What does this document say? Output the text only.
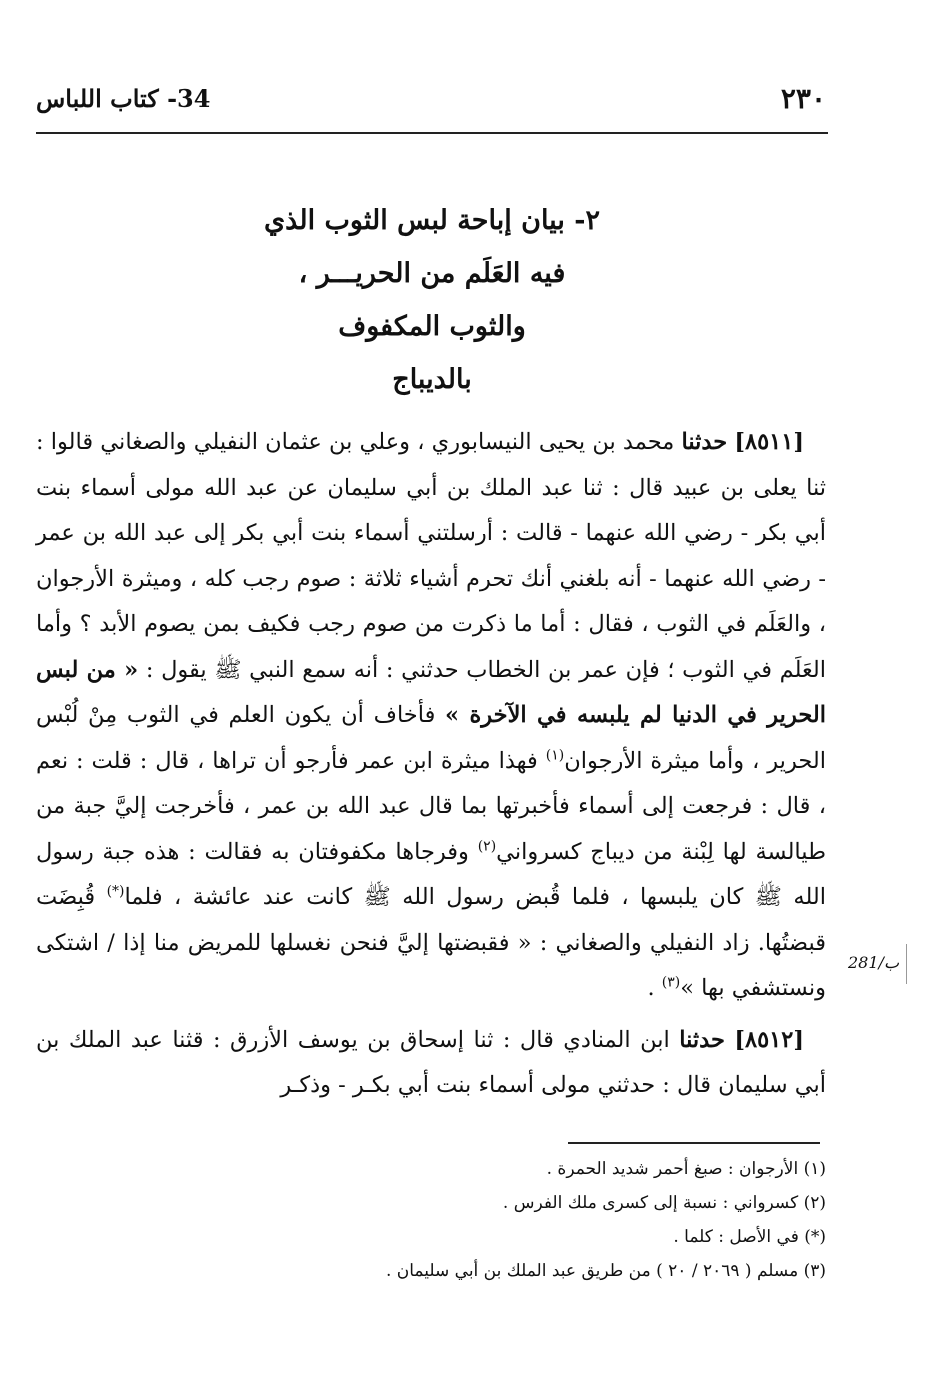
٢٣٠
34- كتاب اللباس
٢- بيان إباحة لبس الثوب الذي
فيه العَلَم من الحريـــر ،
والثوب المكفوف
بالديباج

[٨٥١١] حدثنا محمد بن يحيى النيسابوري ، وعلي بن عثمان النفيلي والصغاني قالوا : ثنا يعلى بن عبيد قال : ثنا عبد الملك بن أبي سليمان عن عبد الله مولى أسماء بنت أبي بكر - رضي الله عنهما - قالت : أرسلتني أسماء بنت أبي بكر إلى عبد الله بن عمر - رضي الله عنهما - أنه بلغني أنك تحرم أشياء ثلاثة : صوم رجب كله ، وميثرة الأرجوان ، والعَلَم في الثوب ، فقال : أما ما ذكرت من صوم رجب فكيف بمن يصوم الأبد ؟ وأما العَلَم في الثوب ؛ فإن عمر بن الخطاب حدثني : أنه سمع النبي ﷺ يقول : « من لبس الحرير في الدنيا لم يلبسه في الآخرة » فأخاف أن يكون العلم في الثوب مِنْ لُبْس الحرير ، وأما ميثرة الأرجوان$^{(١)}$ فهذا ميثرة ابن عمر فأرجو أن تراها ، قال : قلت : نعم ، قال : فرجعت إلى أسماء فأخبرتها بما قال عبد الله بن عمر ، فأخرجت إليَّ جبة من طيالسة لها لِبْنة من ديباج كسرواني$^{(٢)}$ وفرجاها مكفوفتان به فقالت : هذه جبة رسول الله ﷺ كان يلبسها ، فلما قُبض رسول الله ﷺ كانت عند عائشة ، فلما(*) قُبِضَت قبضتُها. زاد النفيلي والصغاني : « فقبضتها إليَّ فنحن نغسلها للمريض منا إذا / اشتكى ونستشفي بها »$^{(٣)}$ .

[٨٥١٢] حدثنا ابن المنادي قال : ثنا إسحاق بن يوسف الأزرق : قثنا عبد الملك بن أبي سليمان قال : حدثني مولى أسماء بنت أبي بكـر - وذكـر

281/ب
(١) الأرجوان : صبغ أحمر شديد الحمرة .
(٢) كسرواني : نسبة إلى كسرى ملك الفرس .
(*) في الأصل : كلما .
(٣) مسلم ( ٢٠٦٩ / ٢٠ ) من طريق عبد الملك بن أبي سليمان .
